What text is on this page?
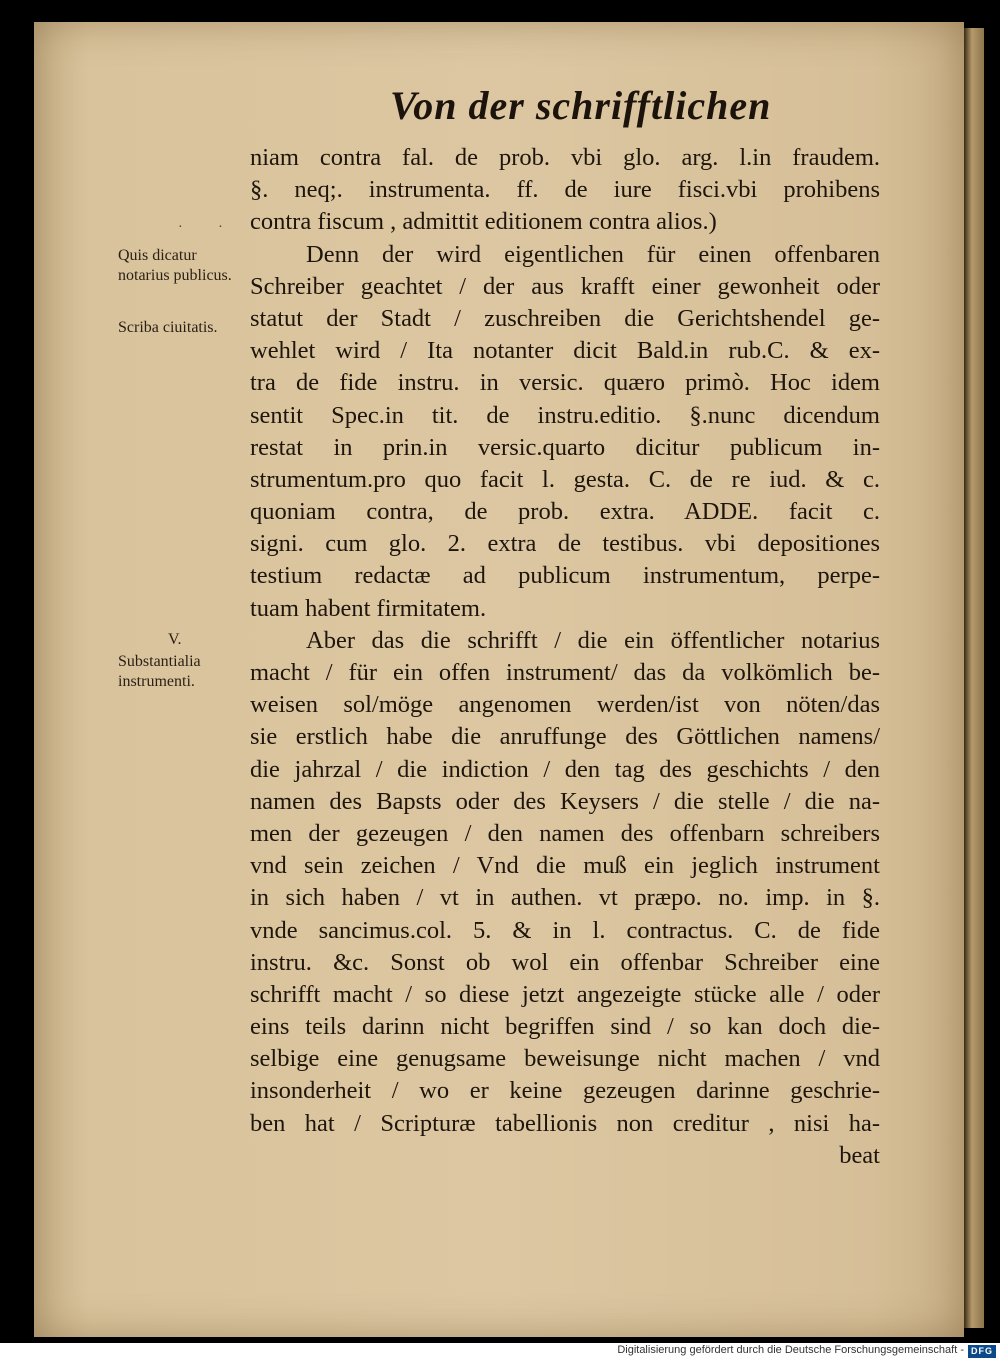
Von der schrifftlichen
· ·
Quis dicatur notarius publicus.
Scriba ciuitatis.
V.
Substantialia instrumenti.
niam contra fal. de prob. vbi glo. arg. l.in fraudem.
§. neq;. instrumenta. ff. de iure fisci.vbi prohibens
contra fiscum , admittit editionem contra alios.)
Denn der wird eigentlichen für einen offenbaren
Schreiber geachtet / der aus krafft einer gewonheit oder
statut der Stadt / zuschreiben die Gerichtshendel ge-
wehlet wird / Ita notanter dicit Bald.in rub.C. & ex-
tra de fide instru. in versic. quæro primò. Hoc idem
sentit Spec.in tit. de instru.editio. §.nunc dicendum
restat in prin.in versic.quarto dicitur publicum in-
strumentum.pro quo facit l. gesta. C. de re iud. & c.
quoniam contra, de prob. extra. ADDE. facit c.
signi. cum glo. 2. extra de testibus. vbi depositiones
testium redactæ ad publicum instrumentum, perpe-
tuam habent firmitatem.
Aber das die schrifft / die ein öffentlicher notarius
macht / für ein offen instrument/ das da volkömlich be-
weisen sol/möge angenomen werden/ist von nöten/das
sie erstlich habe die anruffunge des Göttlichen namens/
die jahrzal / die indiction / den tag des geschichts / den
namen des Bapsts oder des Keysers / die stelle / die na-
men der gezeugen / den namen des offenbarn schreibers
vnd sein zeichen / Vnd die muß ein jeglich instrument
in sich haben / vt in authen. vt præpo. no. imp. in §.
vnde sancimus.col. 5. & in l. contractus. C. de fide
instru. &c. Sonst ob wol ein offenbar Schreiber eine
schrifft macht / so diese jetzt angezeigte stücke alle / oder
eins teils darinn nicht begriffen sind / so kan doch die-
selbige eine genugsame beweisunge nicht machen / vnd
insonderheit / wo er keine gezeugen darinne geschrie-
ben hat / Scripturæ tabellionis non creditur , nisi ha-
beat
Digitalisierung gefördert durch die Deutsche Forschungsgemeinschaft - DFG
